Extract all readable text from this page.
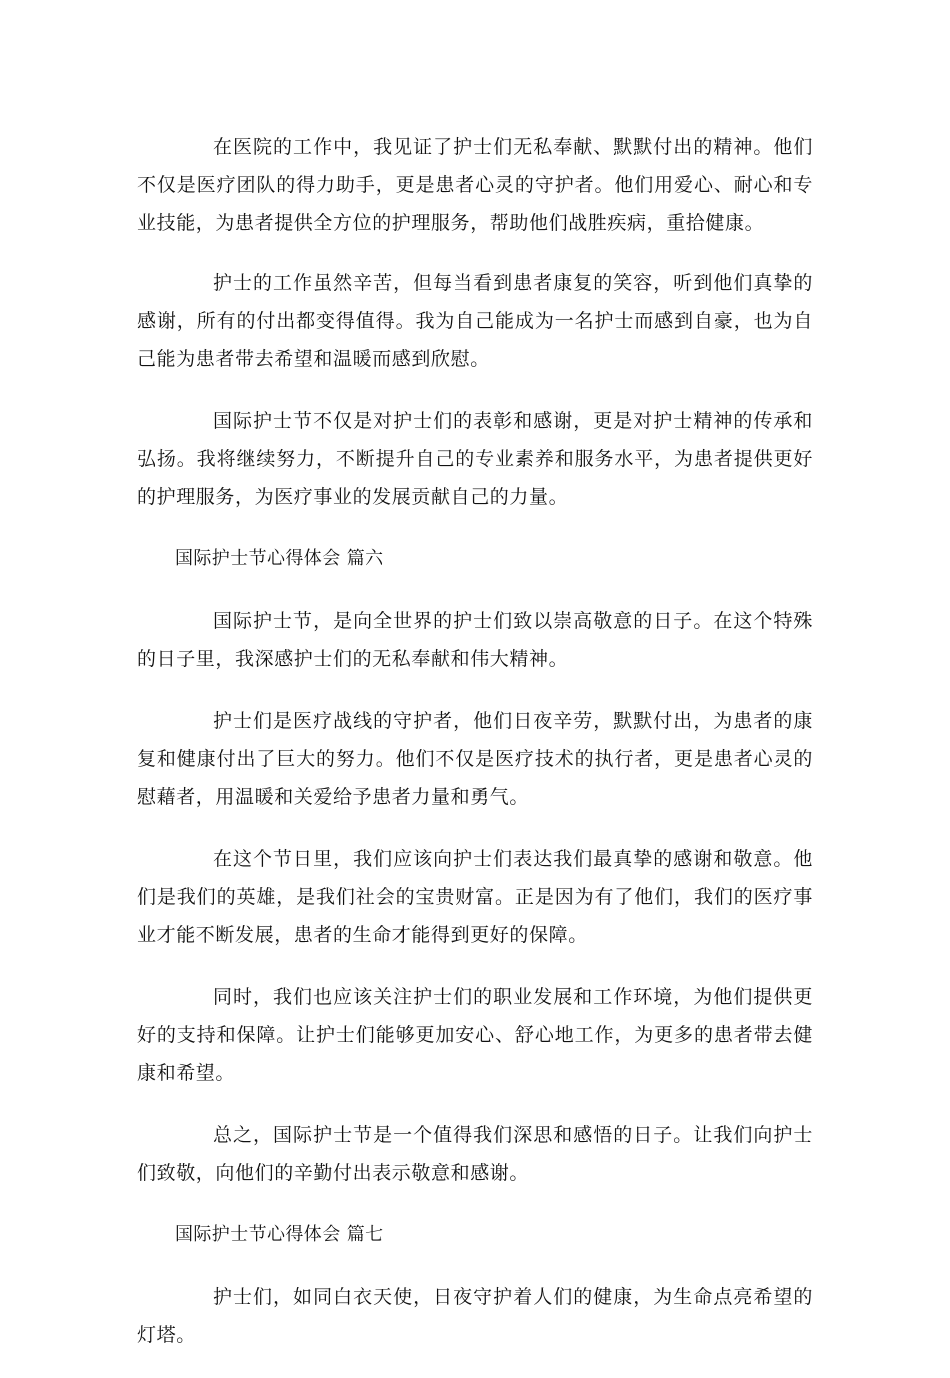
在医院的工作中，我见证了护士们无私奉献、默默付出的精神。他们不仅是医疗团队的得力助手，更是患者心灵的守护者。他们用爱心、耐心和专业技能，为患者提供全方位的护理服务，帮助他们战胜疾病，重拾健康。

护士的工作虽然辛苦，但每当看到患者康复的笑容，听到他们真挚的感谢，所有的付出都变得值得。我为自己能成为一名护士而感到自豪，也为自己能为患者带去希望和温暖而感到欣慰。

国际护士节不仅是对护士们的表彰和感谢，更是对护士精神的传承和弘扬。我将继续努力，不断提升自己的专业素养和服务水平，为患者提供更好的护理服务，为医疗事业的发展贡献自己的力量。

国际护士节心得体会 篇六

国际护士节，是向全世界的护士们致以崇高敬意的日子。在这个特殊的日子里，我深感护士们的无私奉献和伟大精神。

护士们是医疗战线的守护者，他们日夜辛劳，默默付出，为患者的康复和健康付出了巨大的努力。他们不仅是医疗技术的执行者，更是患者心灵的慰藉者，用温暖和关爱给予患者力量和勇气。

在这个节日里，我们应该向护士们表达我们最真挚的感谢和敬意。他们是我们的英雄，是我们社会的宝贵财富。正是因为有了他们，我们的医疗事业才能不断发展，患者的生命才能得到更好的保障。

同时，我们也应该关注护士们的职业发展和工作环境，为他们提供更好的支持和保障。让护士们能够更加安心、舒心地工作，为更多的患者带去健康和希望。

总之，国际护士节是一个值得我们深思和感悟的日子。让我们向护士们致敬，向他们的辛勤付出表示敬意和感谢。

国际护士节心得体会 篇七

护士们，如同白衣天使，日夜守护着人们的健康，为生命点亮希望的灯塔。
